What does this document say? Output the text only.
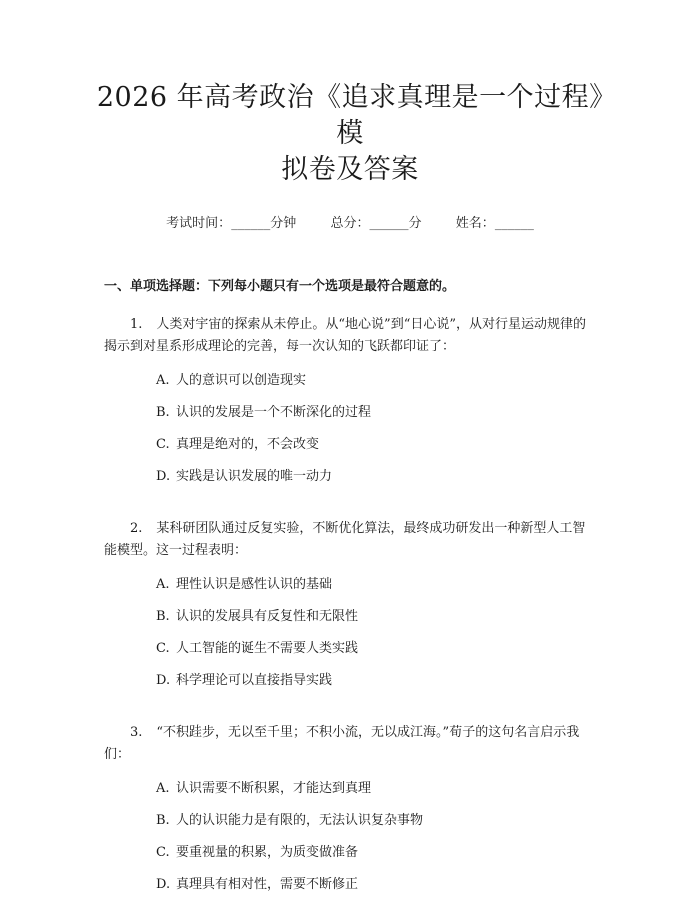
2026 年高考政治《追求真理是一个过程》模
拟卷及答案
考试时间：______分钟	总分：______分	姓名：______
一、单项选择题：下列每小题只有一个选项是最符合题意的。

1. 人类对宇宙的探索从未停止。从“地心说”到“日心说”，从对行星运动规律的揭示到对星系形成理论的完善，每一次认知的飞跃都印证了：

A. 人的意识可以创造现实
B. 认识的发展是一个不断深化的过程
C. 真理是绝对的，不会改变
D. 实践是认识发展的唯一动力

2. 某科研团队通过反复实验，不断优化算法，最终成功研发出一种新型人工智能模型。这一过程表明：

A. 理性认识是感性认识的基础
B. 认识的发展具有反复性和无限性
C. 人工智能的诞生不需要人类实践
D. 科学理论可以直接指导实践

3. “不积跬步，无以至千里；不积小流，无以成江海。”荀子的这句名言启示我们：

A. 认识需要不断积累，才能达到真理
B. 人的认识能力是有限的，无法认识复杂事物
C. 要重视量的积累，为质变做准备
D. 真理具有相对性，需要不断修正
